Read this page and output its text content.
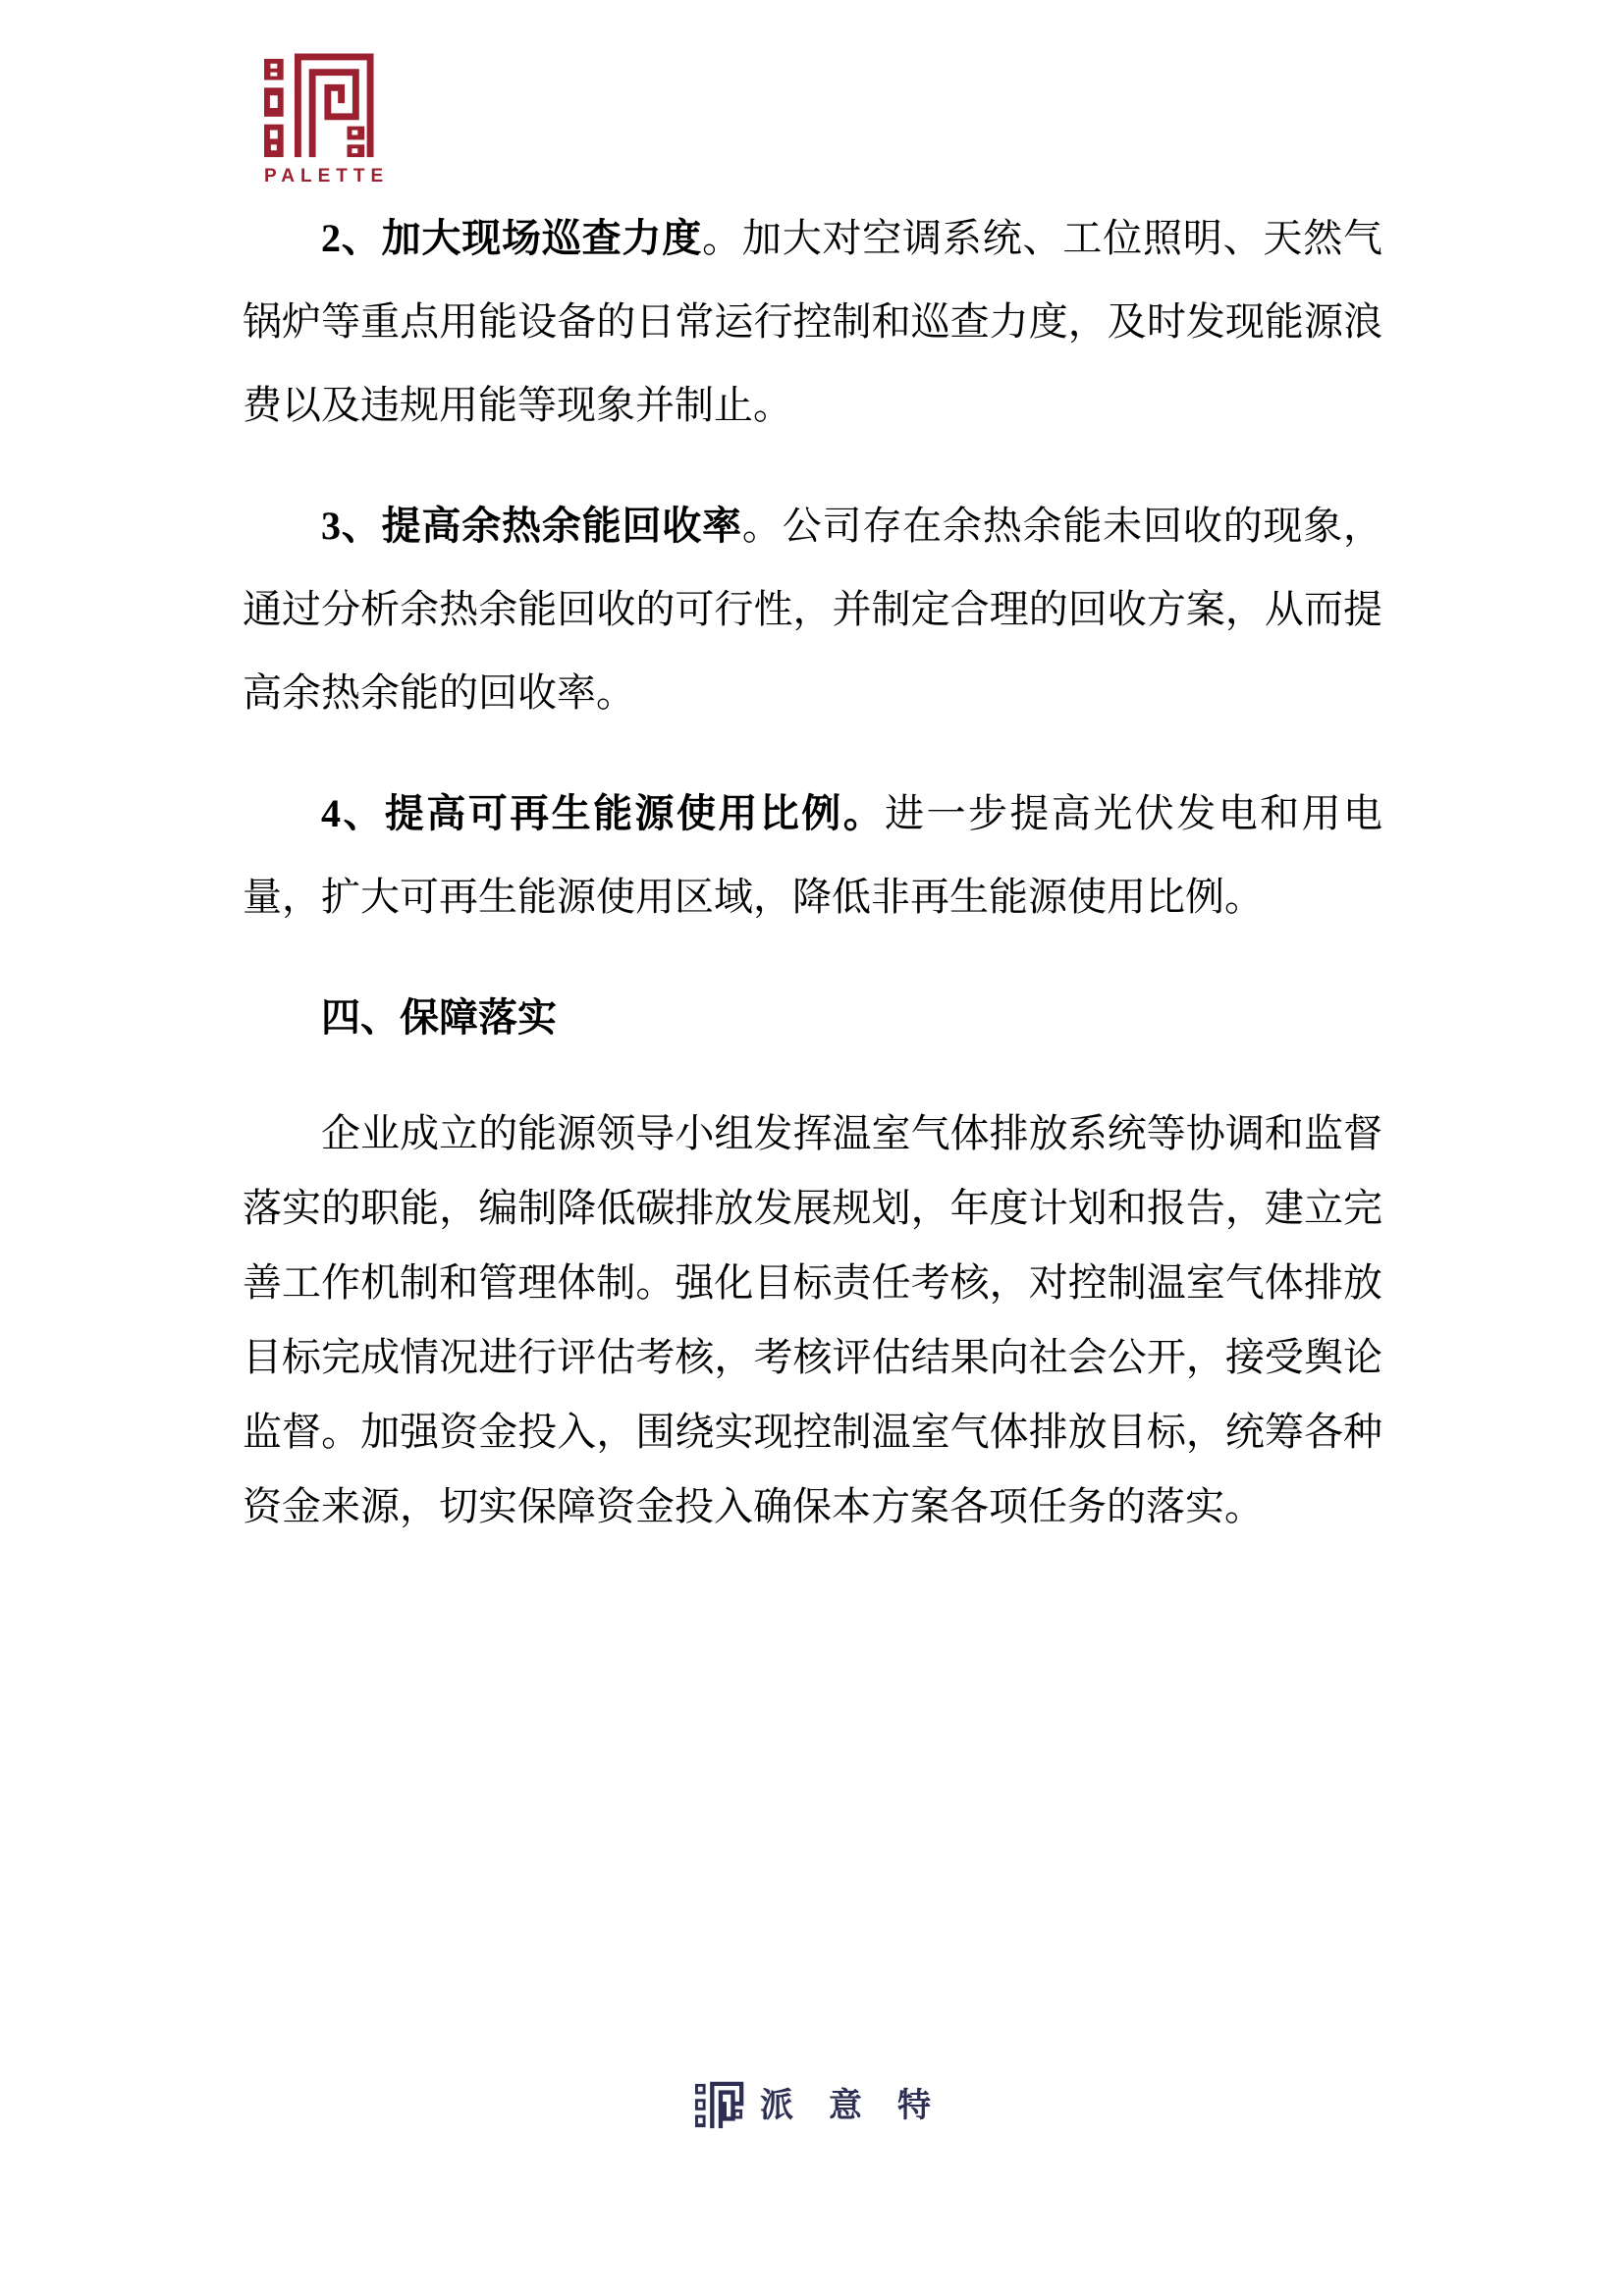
PALETTE

2、加大现场巡查力度。加大对空调系统、工位照明、天然气锅炉等重点用能设备的日常运行控制和巡查力度，及时发现能源浪费以及违规用能等现象并制止。

3、提高余热余能回收率。公司存在余热余能未回收的现象，通过分析余热余能回收的可行性，并制定合理的回收方案，从而提高余热余能的回收率。

4、提高可再生能源使用比例。进一步提高光伏发电和用电量，扩大可再生能源使用区域，降低非再生能源使用比例。

四、保障落实

企业成立的能源领导小组发挥温室气体排放系统等协调和监督落实的职能，编制降低碳排放发展规划，年度计划和报告，建立完善工作机制和管理体制。强化目标责任考核，对控制温室气体排放目标完成情况进行评估考核，考核评估结果向社会公开，接受舆论监督。加强资金投入，围绕实现控制温室气体排放目标，统筹各种资金来源，切实保障资金投入确保本方案各项任务的落实。

派意特
